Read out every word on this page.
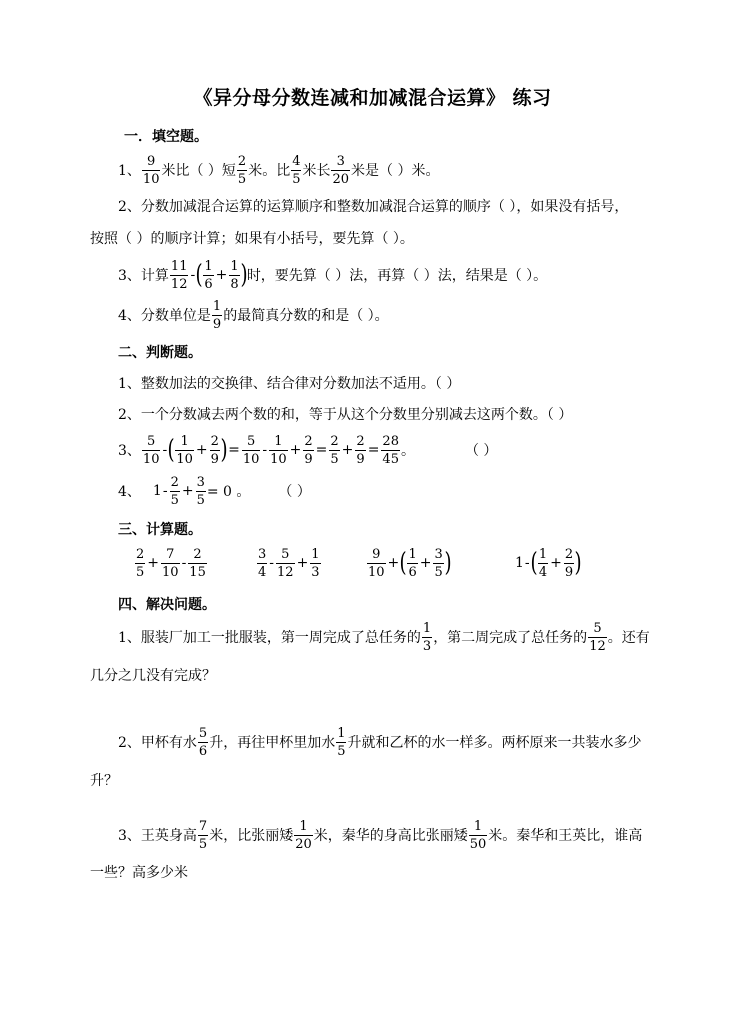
《异分母分数连减和加减混合运算》 练习
一．填空题。
1、 $\frac{9}{10}$ 米比（ ）短 $\frac{2}{5}$ 米。比 $\frac{4}{5}$ 米长 $\frac{3}{20}$ 米是（ ）米。
2、分数加减混合运算的运算顺序和整数加减混合运算的顺序（ ），如果没有括号，
按照（ ）的顺序计算；如果有小括号，要先算（ ）。
3、计算 $\frac{11}{12}$ - ( $\frac{1}{6} + \frac{1}{8}$ ) 时，要先算（ ）法，再算（ ）法，结果是（ ）。
4、分数单位是 $\frac{1}{9}$ 的最简真分数的和是（ ）。
二、判断题。
1、整数加法的交换律、结合律对分数加法不适用。（ ）
2、一个分数减去两个数的和，等于从这个分数里分别减去这两个数。（ ）
3、 $\frac{5}{10}$ - ( $\frac{1}{10} + \frac{2}{9}$ ) = $\frac{5}{10} - \frac{1}{10} + \frac{2}{9} = \frac{2}{5} + \frac{2}{9} = \frac{28}{45}$ 。	（ ）
4、 $1 - \frac{2}{5} + \frac{3}{5} = 0$ 。 （ ）
三、计算题。
$\frac{2}{5} + \frac{7}{10} - \frac{2}{15}$	$\frac{3}{4} - \frac{5}{12} + \frac{1}{3}$	$\frac{9}{10}$ + ( $\frac{1}{6} + \frac{3}{5}$ )	1 - ( $\frac{1}{4} + \frac{2}{9}$ )
四、解决问题。
1、服装厂加工一批服装，第一周完成了总任务的 $\frac{1}{3}$ ，第二周完成了总任务的 $\frac{5}{12}$ 。还有
几分之几没有完成？
2、甲杯有水 $\frac{5}{6}$ 升，再往甲杯里加水 $\frac{1}{5}$ 升就和乙杯的水一样多。两杯原来一共装水多少
升？
3、王英身高 $\frac{7}{5}$ 米，比张丽矮 $\frac{1}{20}$ 米，秦华的身高比张丽矮 $\frac{1}{50}$ 米。秦华和王英比，谁高
一些？高多少米
